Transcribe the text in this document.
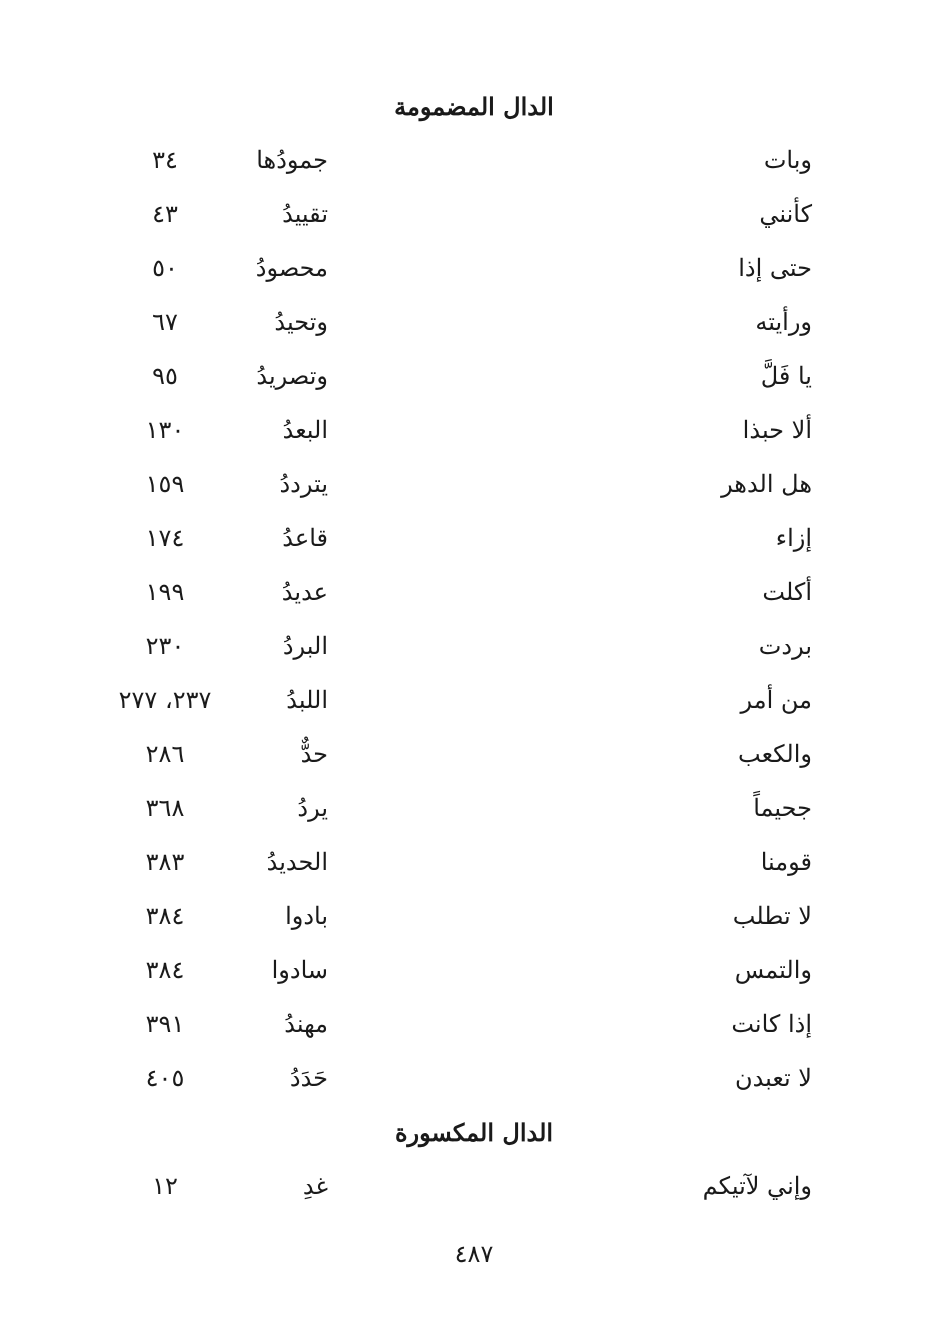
الدال المضمومة
وبات
جمودُها
٣٤
كأنني
تقييدُ
٤٣
حتى إذا
محصودُ
٥٠
ورأيته
وتحيدُ
٦٧
يا فَلَّ
وتصريدُ
٩٥
ألا حبذا
البعدُ
١٣٠
هل الدهر
يترددُ
١٥٩
إزاء
قاعدُ
١٧٤
أكلت
عديدُ
١٩٩
بردت
البردُ
٢٣٠
من أمر
اللبدُ
٢٣٧، ٢٧٧
والكعب
حدٌّ
٢٨٦
جحيماً
يردُ
٣٦٨
قومنا
الحديدُ
٣٨٣
لا تطلب
بادوا
٣٨٤
والتمس
سادوا
٣٨٤
إذا كانت
مهندُ
٣٩١
لا تعبدن
حَدَدُ
٤٠٥
الدال المكسورة
وإني لآتيكم
غدِ
١٢
٤٨٧
